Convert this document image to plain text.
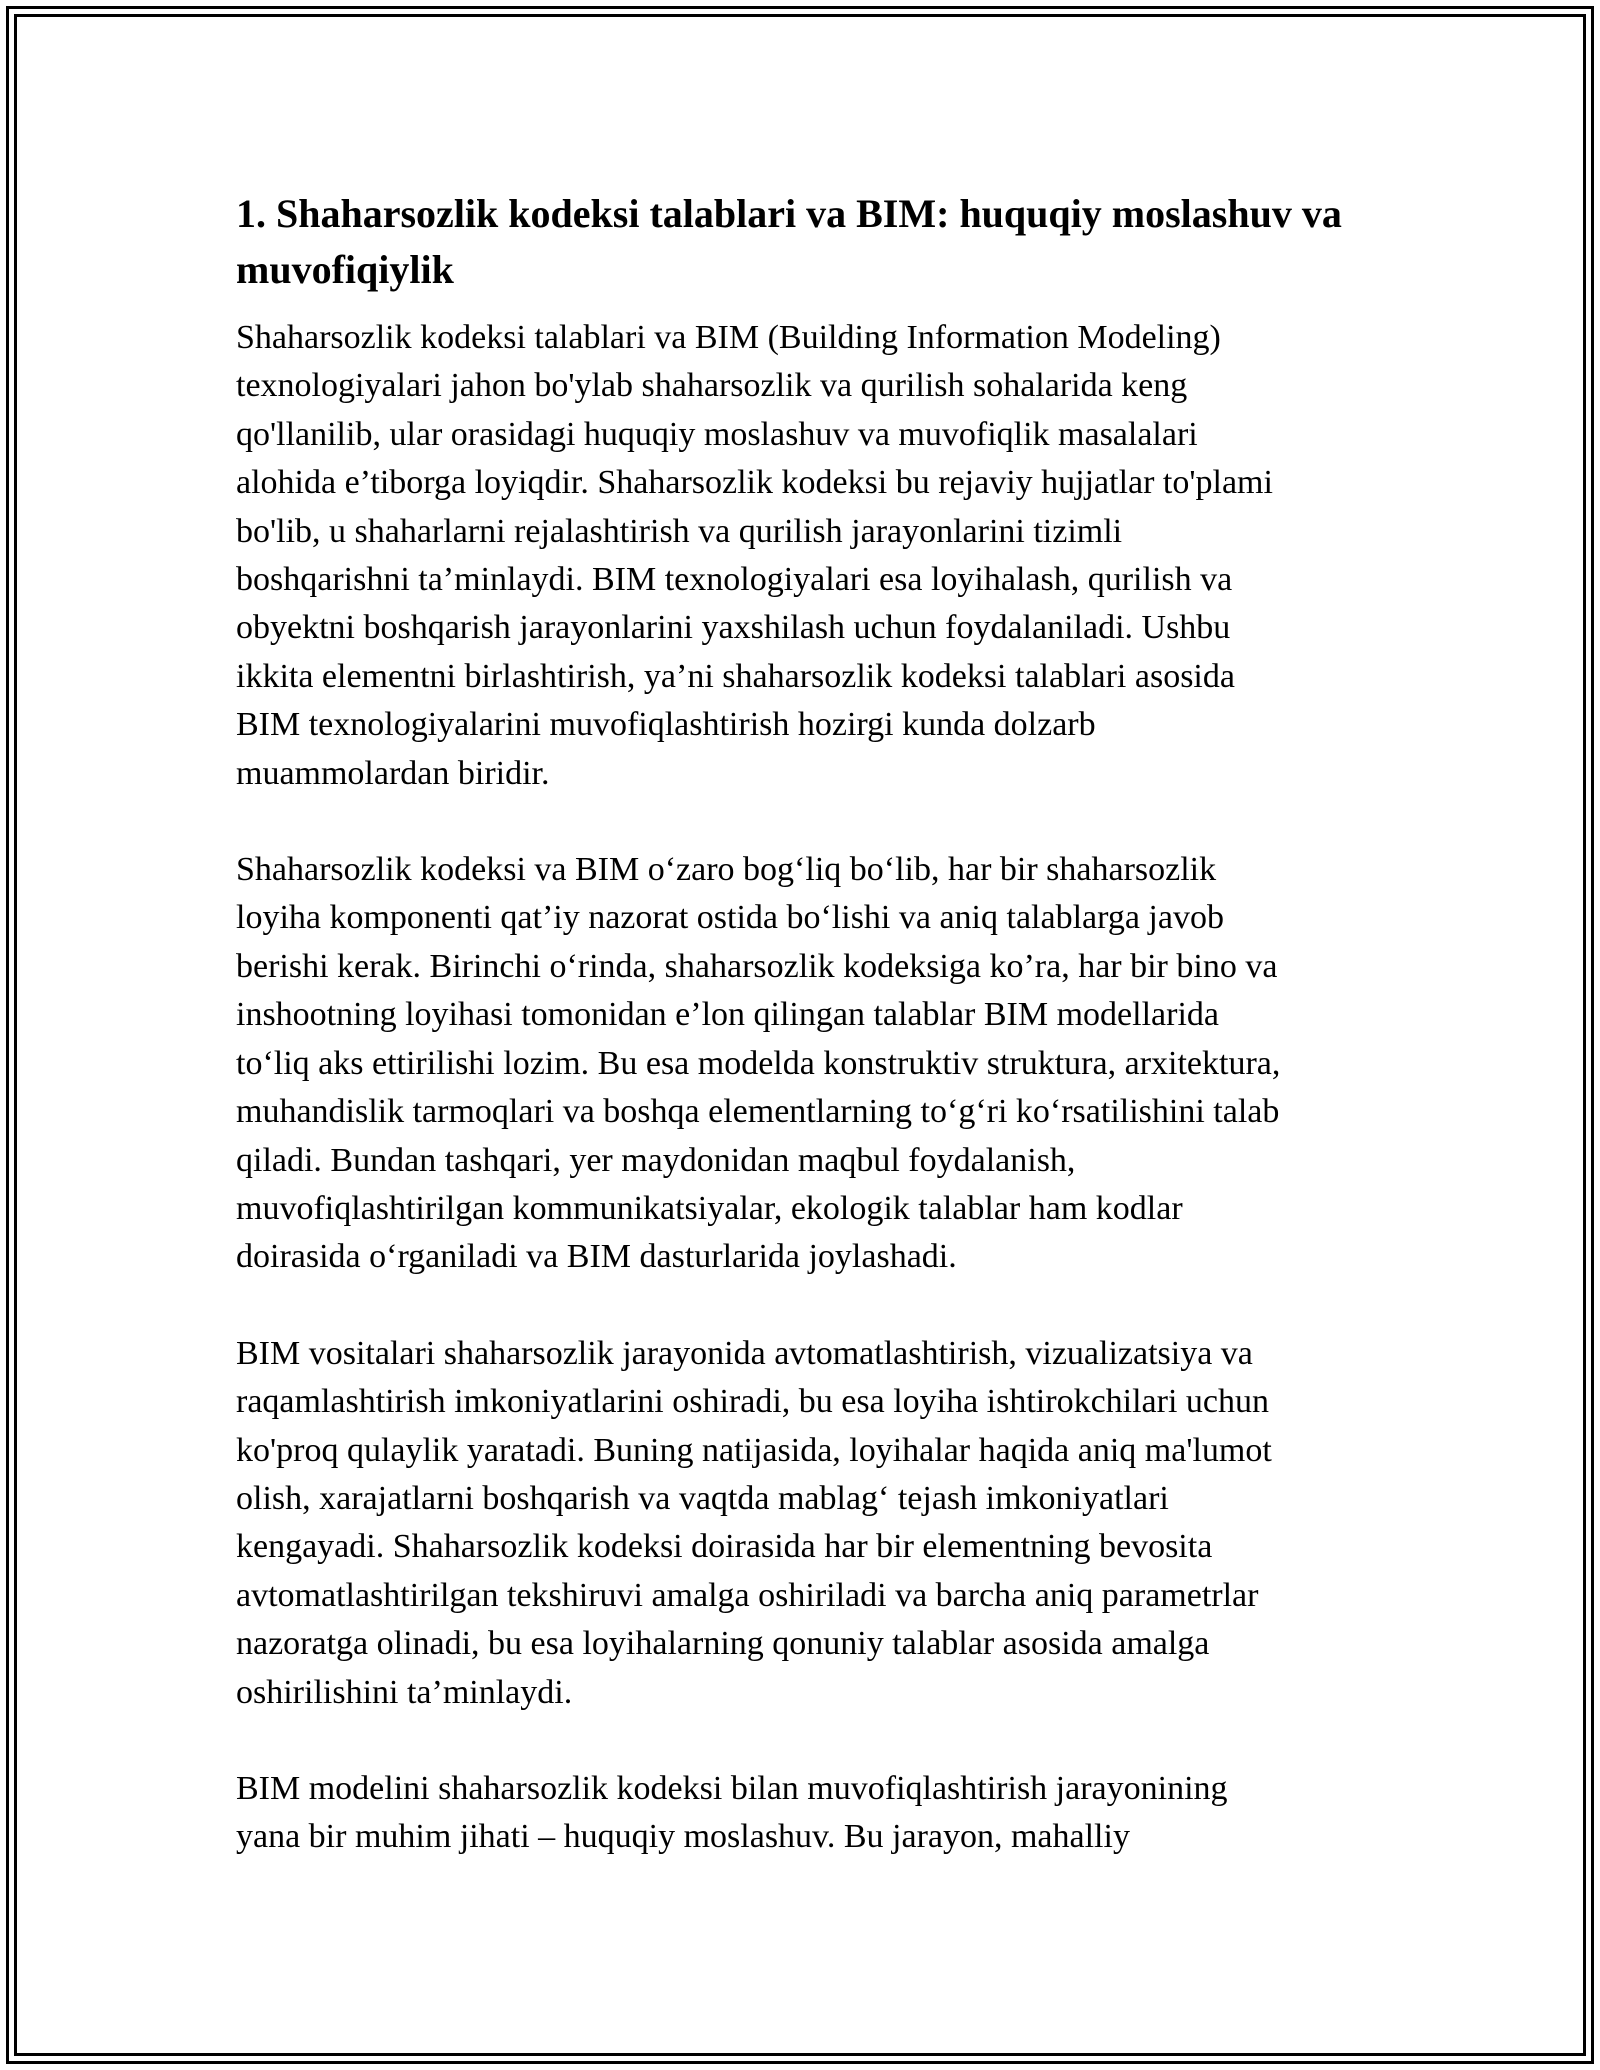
1. Shaharsozlik kodeksi talablari va BIM: huquqiy moslashuv va muvofiqiylik

Shaharsozlik kodeksi talablari va BIM (Building Information Modeling)
texnologiyalari jahon bo'ylab shaharsozlik va qurilish sohalarida keng
qo'llanilib, ular orasidagi huquqiy moslashuv va muvofiqlik masalalari
alohida e’tiborga loyiqdir. Shaharsozlik kodeksi bu rejaviy hujjatlar to'plami
bo'lib, u shaharlarni rejalashtirish va qurilish jarayonlarini tizimli
boshqarishni ta’minlaydi. BIM texnologiyalari esa loyihalash, qurilish va
obyektni boshqarish jarayonlarini yaxshilash uchun foydalaniladi. Ushbu
ikkita elementni birlashtirish, ya’ni shaharsozlik kodeksi talablari asosida
BIM texnologiyalarini muvofiqlashtirish hozirgi kunda dolzarb
muammolardan biridir.

Shaharsozlik kodeksi va BIM o‘zaro bog‘liq bo‘lib, har bir shaharsozlik
loyiha komponenti qat’iy nazorat ostida bo‘lishi va aniq talablarga javob
berishi kerak. Birinchi o‘rinda, shaharsozlik kodeksiga ko’ra, har bir bino va
inshootning loyihasi tomonidan e’lon qilingan talablar BIM modellarida
to‘liq aks ettirilishi lozim. Bu esa modelda konstruktiv struktura, arxitektura,
muhandislik tarmoqlari va boshqa elementlarning to‘g‘ri ko‘rsatilishini talab
qiladi. Bundan tashqari, yer maydonidan maqbul foydalanish,
muvofiqlashtirilgan kommunikatsiyalar, ekologik talablar ham kodlar
doirasida o‘rganiladi va BIM dasturlarida joylashadi.

BIM vositalari shaharsozlik jarayonida avtomatlashtirish, vizualizatsiya va
raqamlashtirish imkoniyatlarini oshiradi, bu esa loyiha ishtirokchilari uchun
ko'proq qulaylik yaratadi. Buning natijasida, loyihalar haqida aniq ma'lumot
olish, xarajatlarni boshqarish va vaqtda mablag‘ tejash imkoniyatlari
kengayadi. Shaharsozlik kodeksi doirasida har bir elementning bevosita
avtomatlashtirilgan tekshiruvi amalga oshiriladi va barcha aniq parametrlar
nazoratga olinadi, bu esa loyihalarning qonuniy talablar asosida amalga
oshirilishini ta’minlaydi.

BIM modelini shaharsozlik kodeksi bilan muvofiqlashtirish jarayonining
yana bir muhim jihati – huquqiy moslashuv. Bu jarayon, mahalliy
